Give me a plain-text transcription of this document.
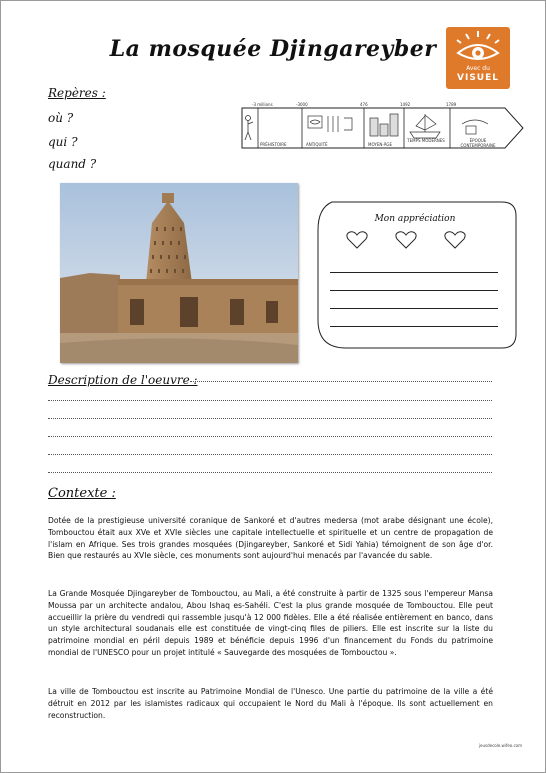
La mosquée Djingareyber
Avec du
VISUEL
Repères :
où ?
qui ?
quand ?
-3 millions	-3000	476	1492	1789
PRÉHISTOIRE	ANTIQUITÉ	MOYEN-ÂGE
TEMPS MODERNES	ÉPOQUE CONTEMPORAINE
Mon appréciation
Description de l'oeuvre :
Contexte :

Dotée de la prestigieuse université coranique de Sankoré et d'autres medersa (mot arabe désignant une école), Tombouctou était aux XVe et XVIe siècles une capitale intellectuelle et spirituelle et un centre de propagation de l'islam en Afrique. Ses trois grandes mosquées (Djingareyber, Sankoré et Sidi Yahia) témoignent de son âge d'or. Bien que restaurés au XVIe siècle, ces monuments sont aujourd'hui menacés par l'avancée du sable.

La Grande Mosquée Djingareyber de Tombouctou, au Mali, a été construite à partir de 1325 sous l'empereur Mansa Moussa par un architecte andalou, Abou Ishaq es-Sahéli. C'est la plus grande mosquée de Tombouctou. Elle peut accueillir la prière du vendredi qui rassemble jusqu'à 12 000 fidèles. Elle a été réalisée entièrement en banco, dans un style architectural soudanais elle est constituée de vingt-cinq files de piliers. Elle est inscrite sur la liste du patrimoine mondial en péril depuis 1989 et bénéficie depuis 1996 d'un financement du Fonds du patrimoine mondial de l'UNESCO pour un projet intitulé « Sauvegarde des mosquées de Tombouctou ».

La ville de Tombouctou est inscrite au Patrimoine Mondial de l'Unesco. Une partie du patrimoine de la ville a été détruit en 2012 par les islamistes radicaux qui occupaient le Nord du Mali à l'époque. Ils sont actuellement en reconstruction.

jeusdecole.wifeo.com
